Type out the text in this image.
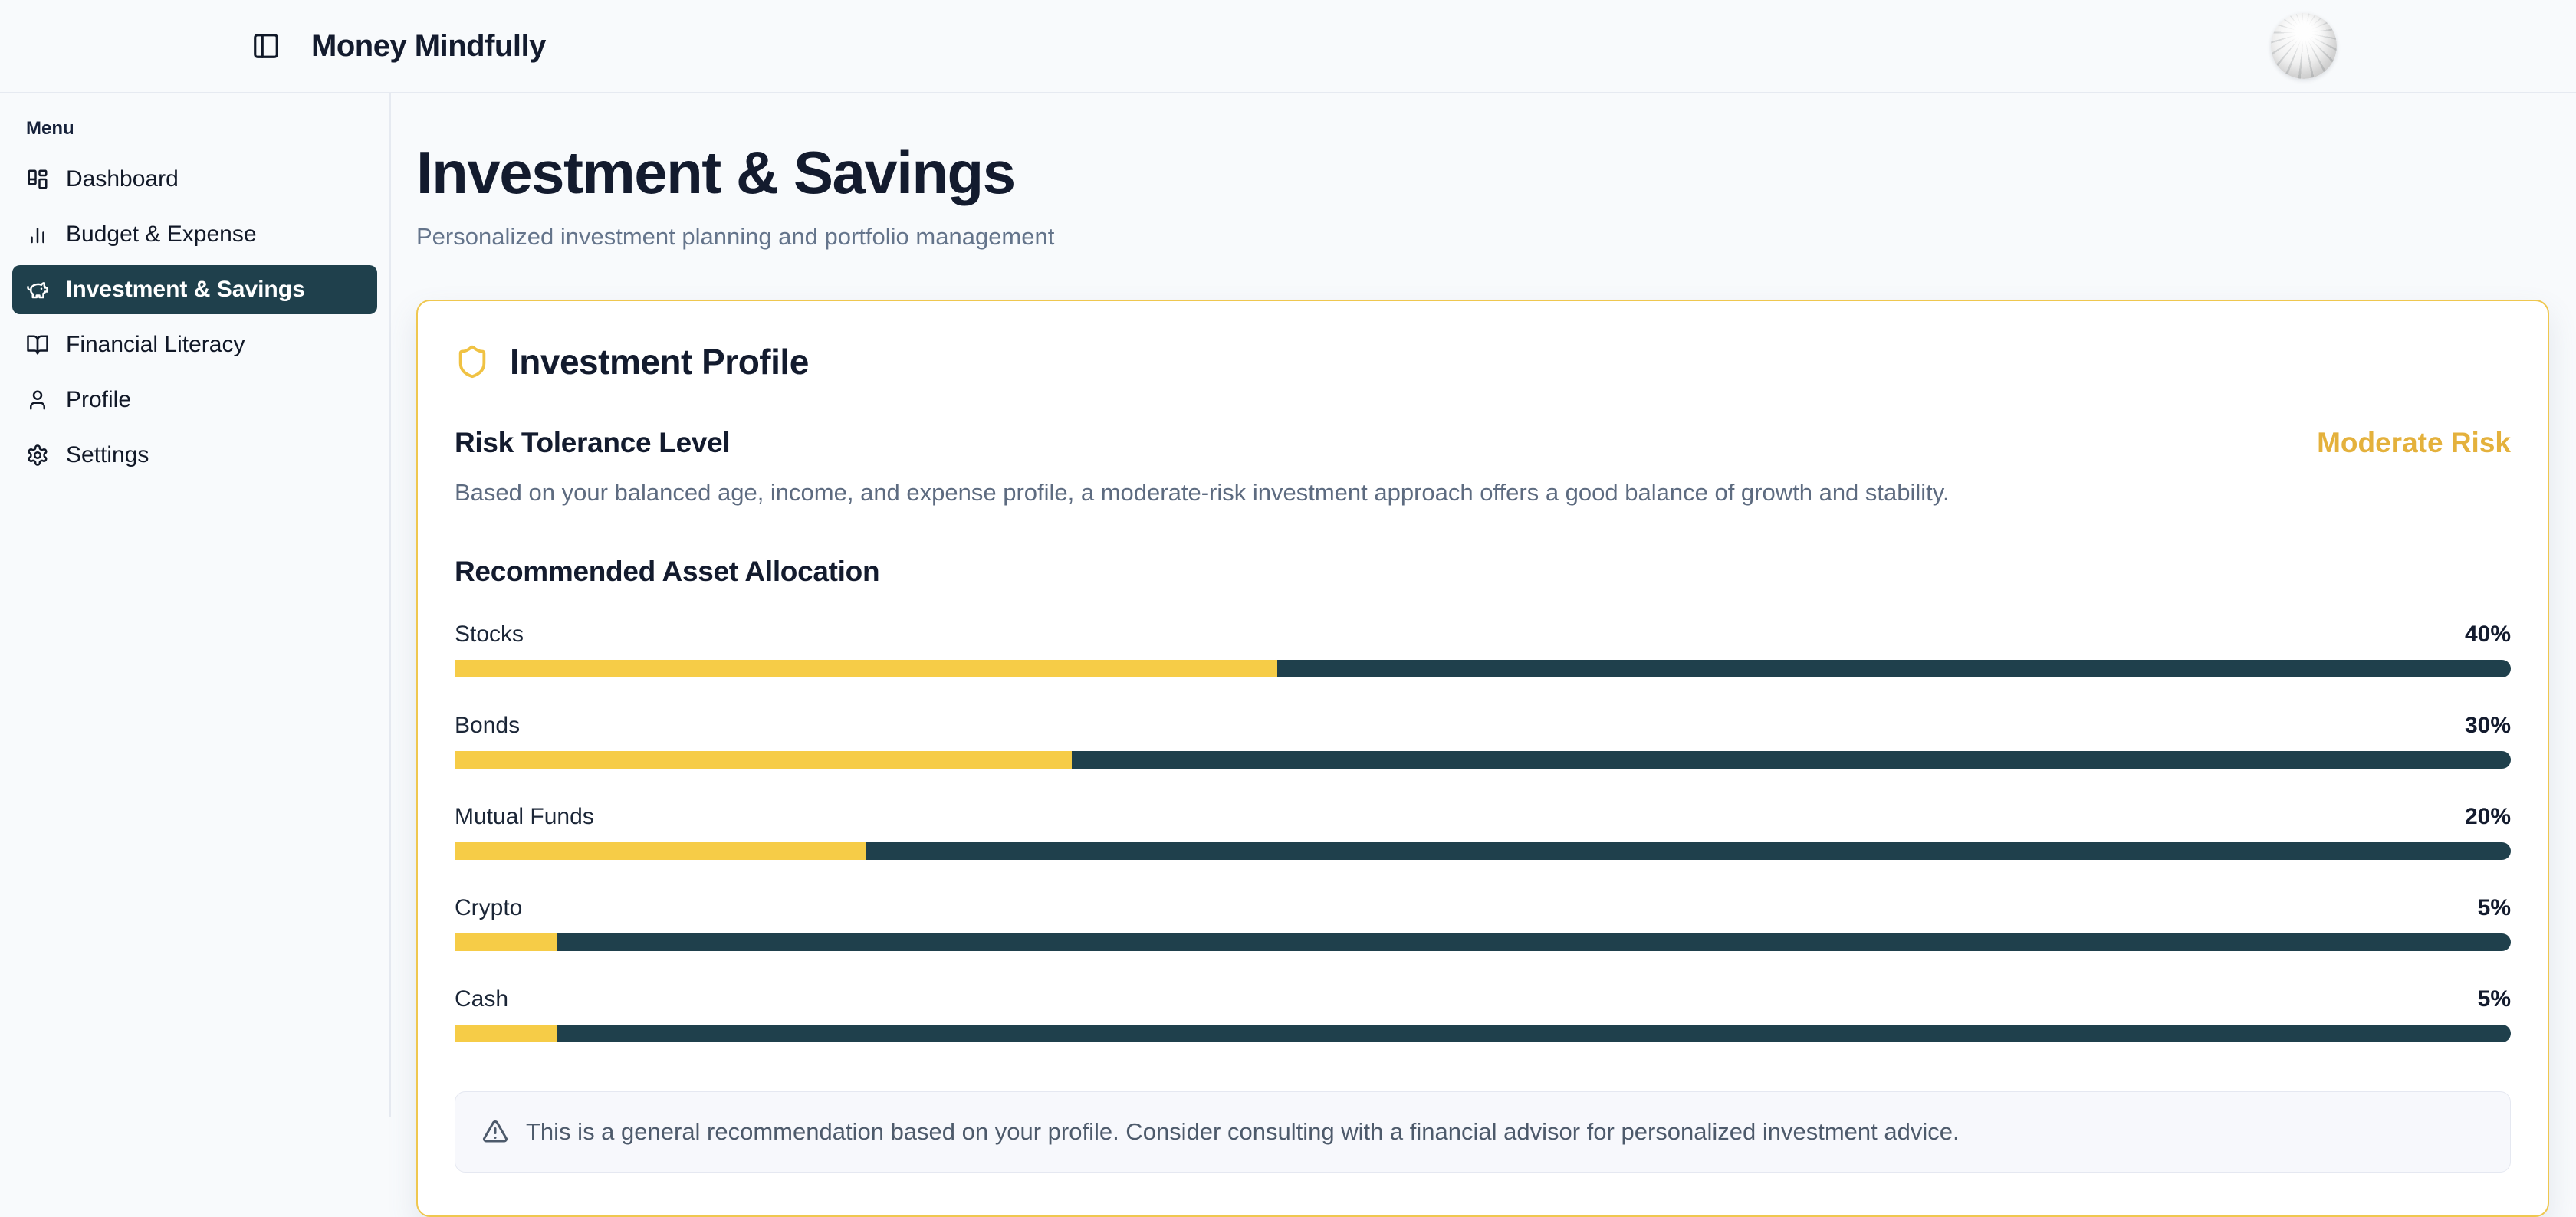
Money Mindfully
Menu
Dashboard
Budget & Expense
Investment & Savings
Financial Literacy
Profile
Settings
Investment & Savings
Personalized investment planning and portfolio management
Investment Profile
Risk Tolerance Level	Moderate Risk

Based on your balanced age, income, and expense profile, a moderate-risk investment approach offers a good balance of growth and stability.

Recommended Asset Allocation
Stocks	40%
Bonds	30%
Mutual Funds	20%
Crypto	5%
Cash	5%
This is a general recommendation based on your profile. Consider consulting with a financial advisor for personalized investment advice.
